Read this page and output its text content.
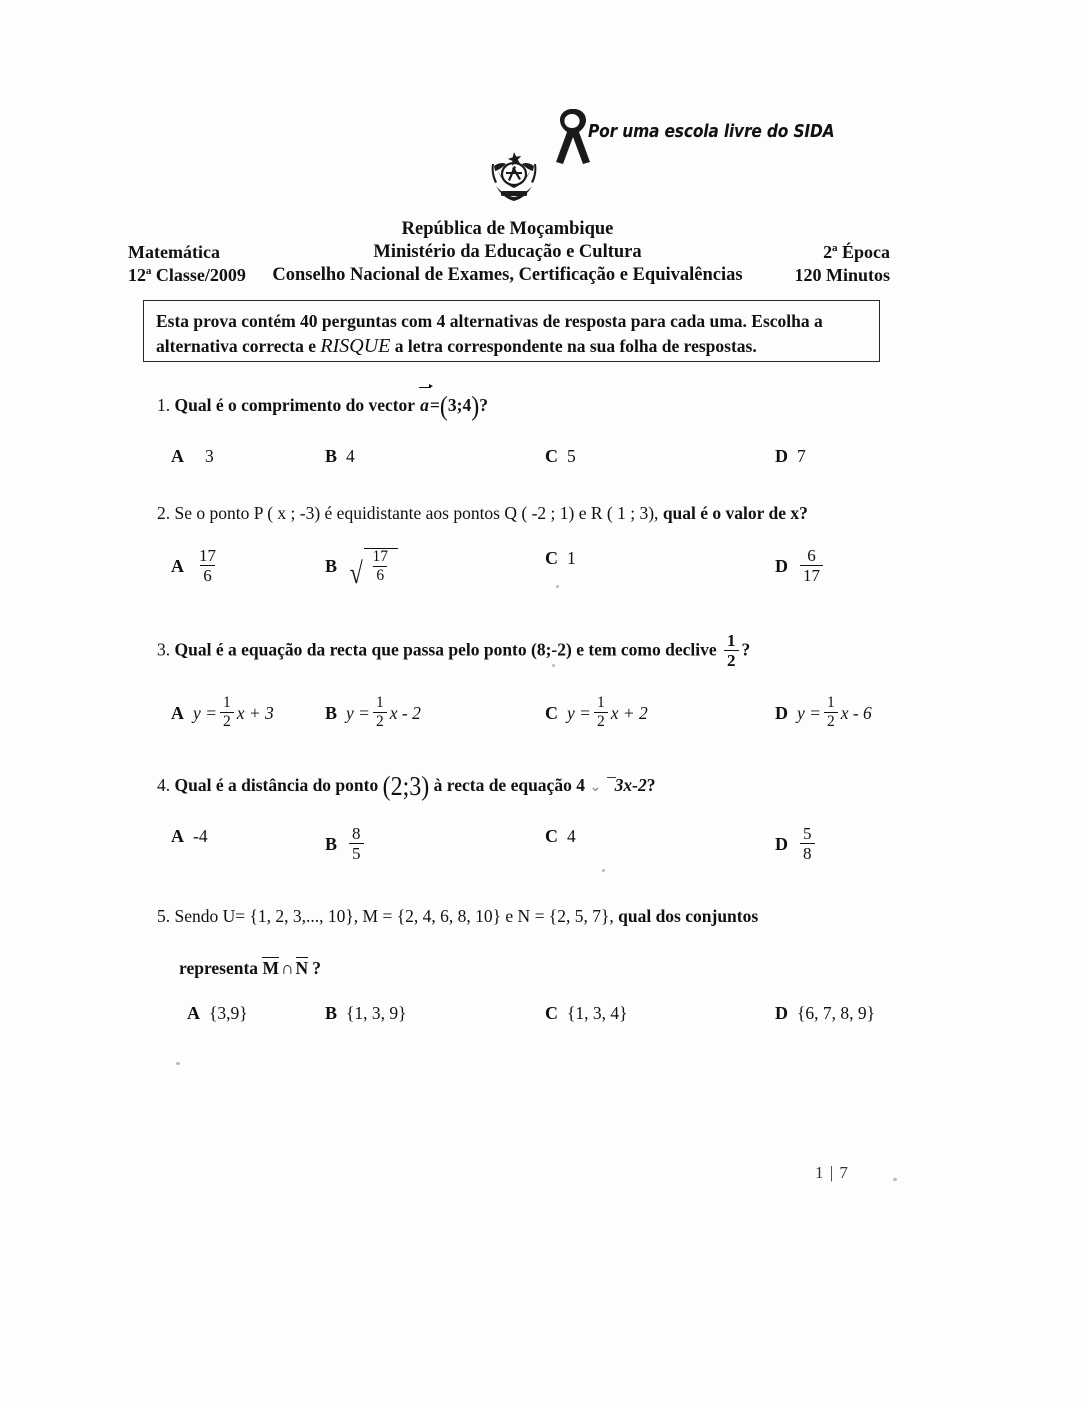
Por uma escola livre do SIDA
República de Moçambique
Ministério da Educação e Cultura
Conselho Nacional de Exames, Certificação e Equivalências
Matemática
12ª Classe/2009
2ª Época
120 Minutos
Esta prova contém 40 perguntas com 4 alternativas de resposta para cada uma. Escolha a
alternativa correcta e RISQUE a letra correspondente na sua folha de respostas.
1. Qual é o comprimento do vector a=(3;4)?
A 3	B 4	C 5	D 7
2. Se o ponto P ( x ; -3) é equidistante aos pontos Q ( -2 ; 1) e R ( 1 ; 3), qual é o valor de x?
A $\frac{17}{6}$	B √ $\frac{17}{6}$	C 1	D $\frac{6}{17}$
3. Qual é a equação da recta que passa pelo ponto (8;-2) e tem como declive $\frac{1}{2}$ ?
A $y = \frac{1}{2}$ x + 3	B $y = \frac{1}{2}$ x - 2	C $y = \frac{1}{2}$ x + 2	D $y = \frac{1}{2}$ x - 6
4. Qual é a distância do ponto (2;3) à recta de equação 4 ⌄ ¯3x-2?
A -4	B $\frac{8}{5}$	C 4	D $\frac{5}{8}$
5. Sendo U= {1, 2, 3,..., 10}, M = {2, 4, 6, 8, 10} e N = {2, 5, 7}, qual dos conjuntos
representa M ∩ N ?
A {3,9}	B {1, 3, 9}	C {1, 3, 4}	D {6, 7, 8, 9}
1 | 7
